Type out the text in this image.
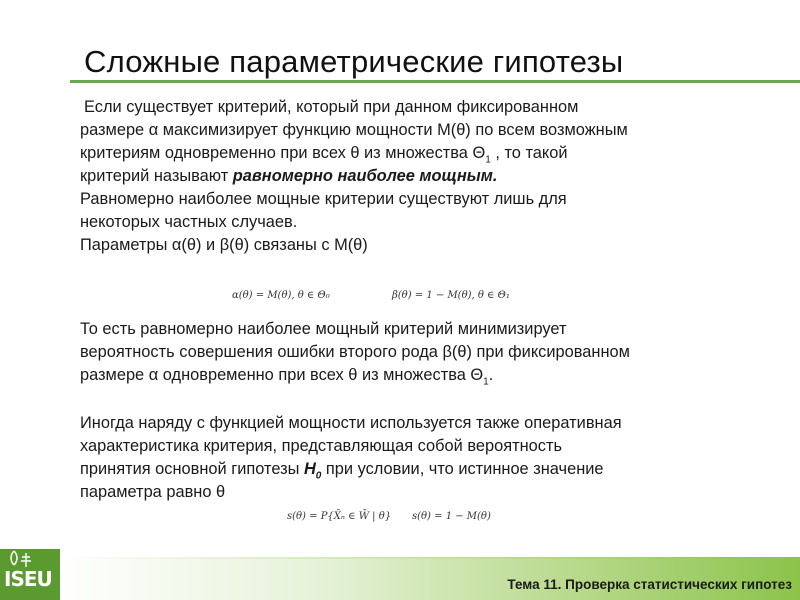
Сложные параметрические гипотезы

Если существует критерий, который при данном фиксированном

размере α максимизирует функцию мощности M(θ) по всем возможным

критериям одновременно при всех θ из множества $\Theta_1$ , то такой

критерий называют равномерно наиболее мощным.

Равномерно наиболее мощные критерии существуют лишь для

некоторых частных случаев.

Параметры α(θ) и β(θ) связаны с M(θ)

α(θ) = M(θ), θ ∈ Θ₀	β(θ) = 1 − M(θ), θ ∈ Θ₁

То есть равномерно наиболее мощный критерий минимизирует

вероятность совершения ошибки второго рода β(θ) при фиксированном

размере α одновременно при всех θ из множества $\Theta_1$.

Иногда наряду с функцией мощности используется также оперативная

характеристика критерия, представляющая собой вероятность

принятия основной гипотезы $H_0$ при условии, что истинное значение

параметра равно θ

s(θ) = P{X̄ₙ ∈ W̄ | θ} s(θ) = 1 − M(θ)
ISEU	Тема 11. Проверка статистических гипотез
